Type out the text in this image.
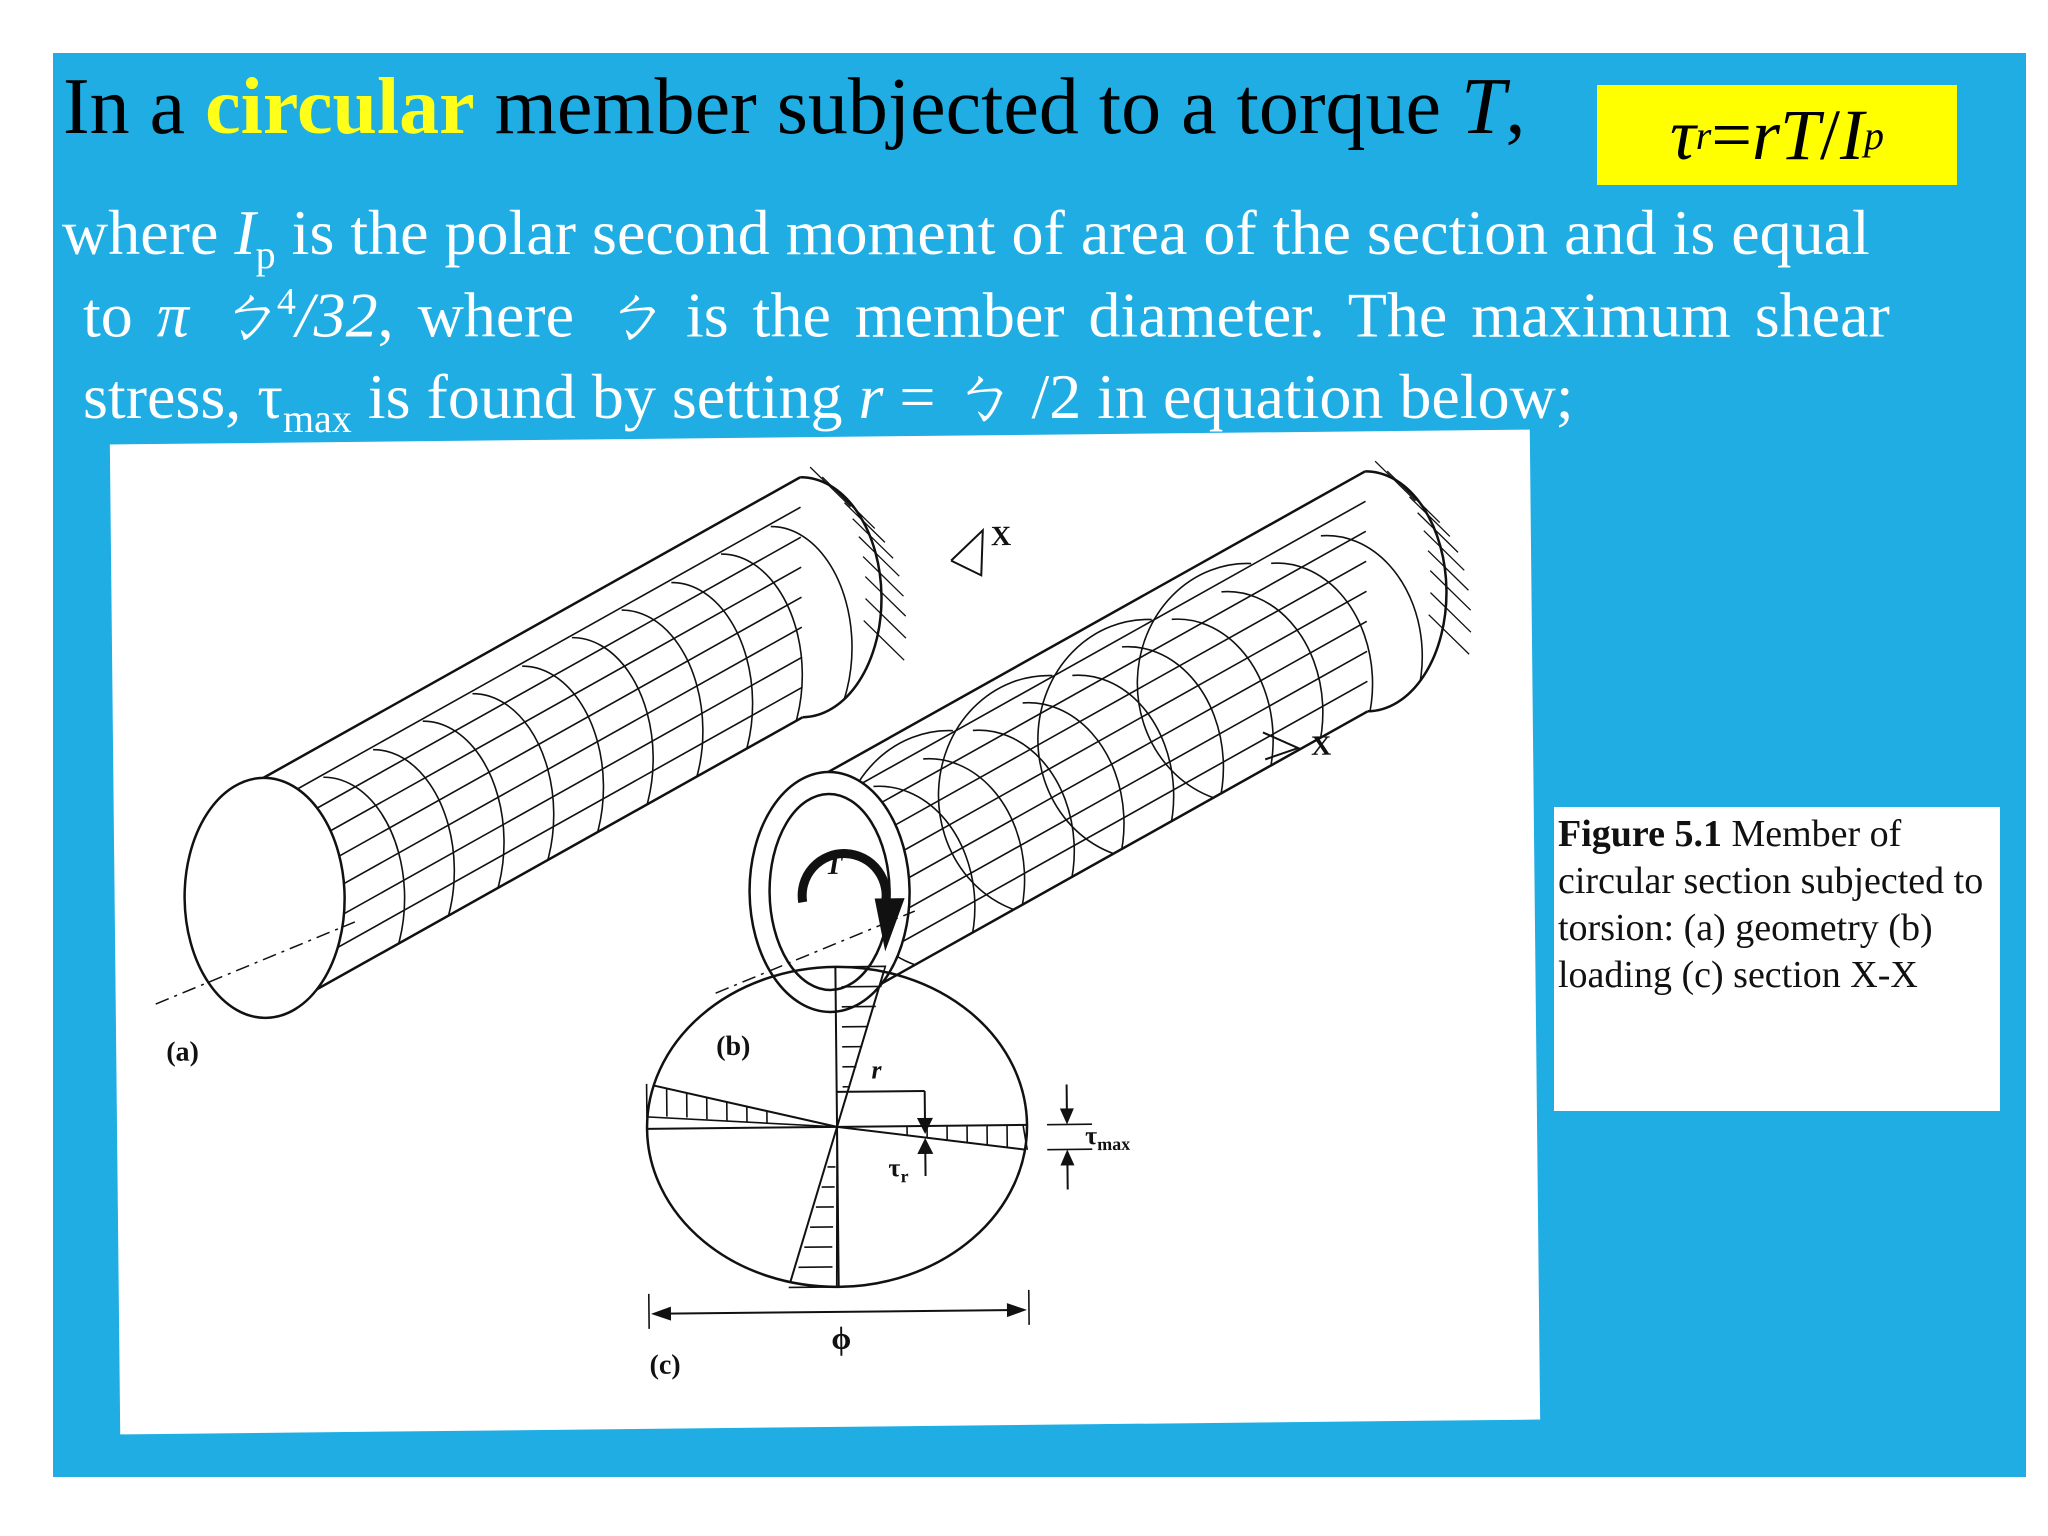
In a circular member subjected to a torque T, τ r = rT / I p
where $I_p$ is the polar second moment of area of the section and is equal
to π ㄅ$^4$/32, where ㄅ is the member diameter. The maximum shear
stress, $\tau_{max}$ is found by setting r = ㄅ /2 in equation below;
(a)	(b)
(c)
X
X
T
r
$\tau_r$
$\tau_{max}$
ϕ
Figure 5.1 Member of circular section subjected to torsion: (a) geometry (b) loading (c) section X-X
